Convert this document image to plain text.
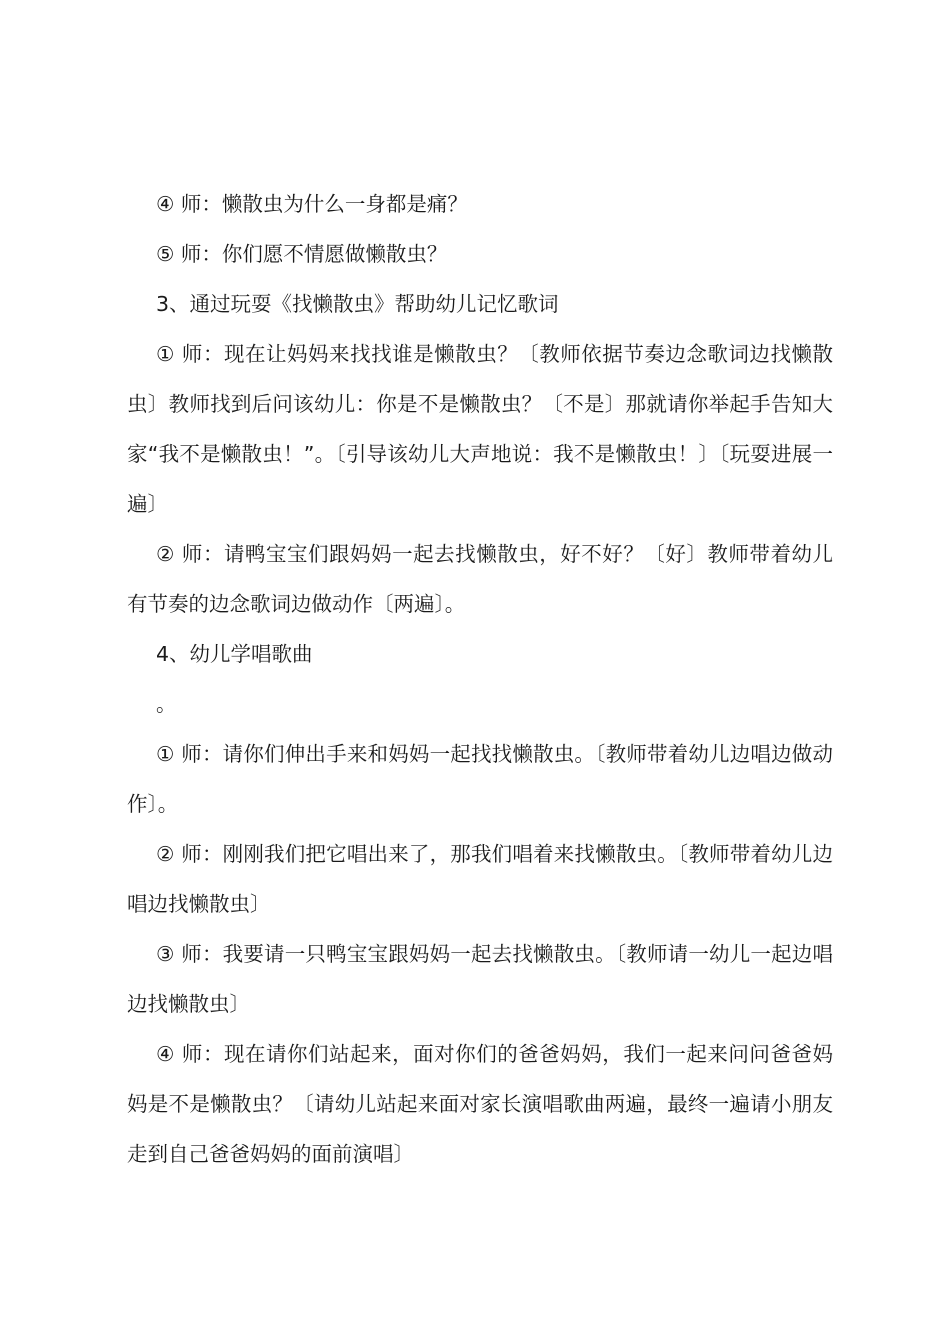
④ 师：懒散虫为什么一身都是痛？

⑤ 师：你们愿不情愿做懒散虫？

3、通过玩耍《找懒散虫》帮助幼儿记忆歌词

① 师：现在让妈妈来找找谁是懒散虫？〔教师依据节奏边念歌词边找懒散虫〕教师找到后问该幼儿：你是不是懒散虫？〔不是〕那就请你举起手告知大家“我不是懒散虫！”。〔引导该幼儿大声地说：我不是懒散虫！〕〔玩耍进展一遍〕

② 师：请鸭宝宝们跟妈妈一起去找懒散虫，好不好？〔好〕教师带着幼儿有节奏的边念歌词边做动作〔两遍〕。

4、幼儿学唱歌曲

。

① 师：请你们伸出手来和妈妈一起找找懒散虫。〔教师带着幼儿边唱边做动作〕。

② 师：刚刚我们把它唱出来了，那我们唱着来找懒散虫。〔教师带着幼儿边唱边找懒散虫〕

③ 师：我要请一只鸭宝宝跟妈妈一起去找懒散虫。〔教师请一幼儿一起边唱边找懒散虫〕

④ 师：现在请你们站起来，面对你们的爸爸妈妈，我们一起来问问爸爸妈妈是不是懒散虫？〔请幼儿站起来面对家长演唱歌曲两遍，最终一遍请小朋友走到自己爸爸妈妈的面前演唱〕
